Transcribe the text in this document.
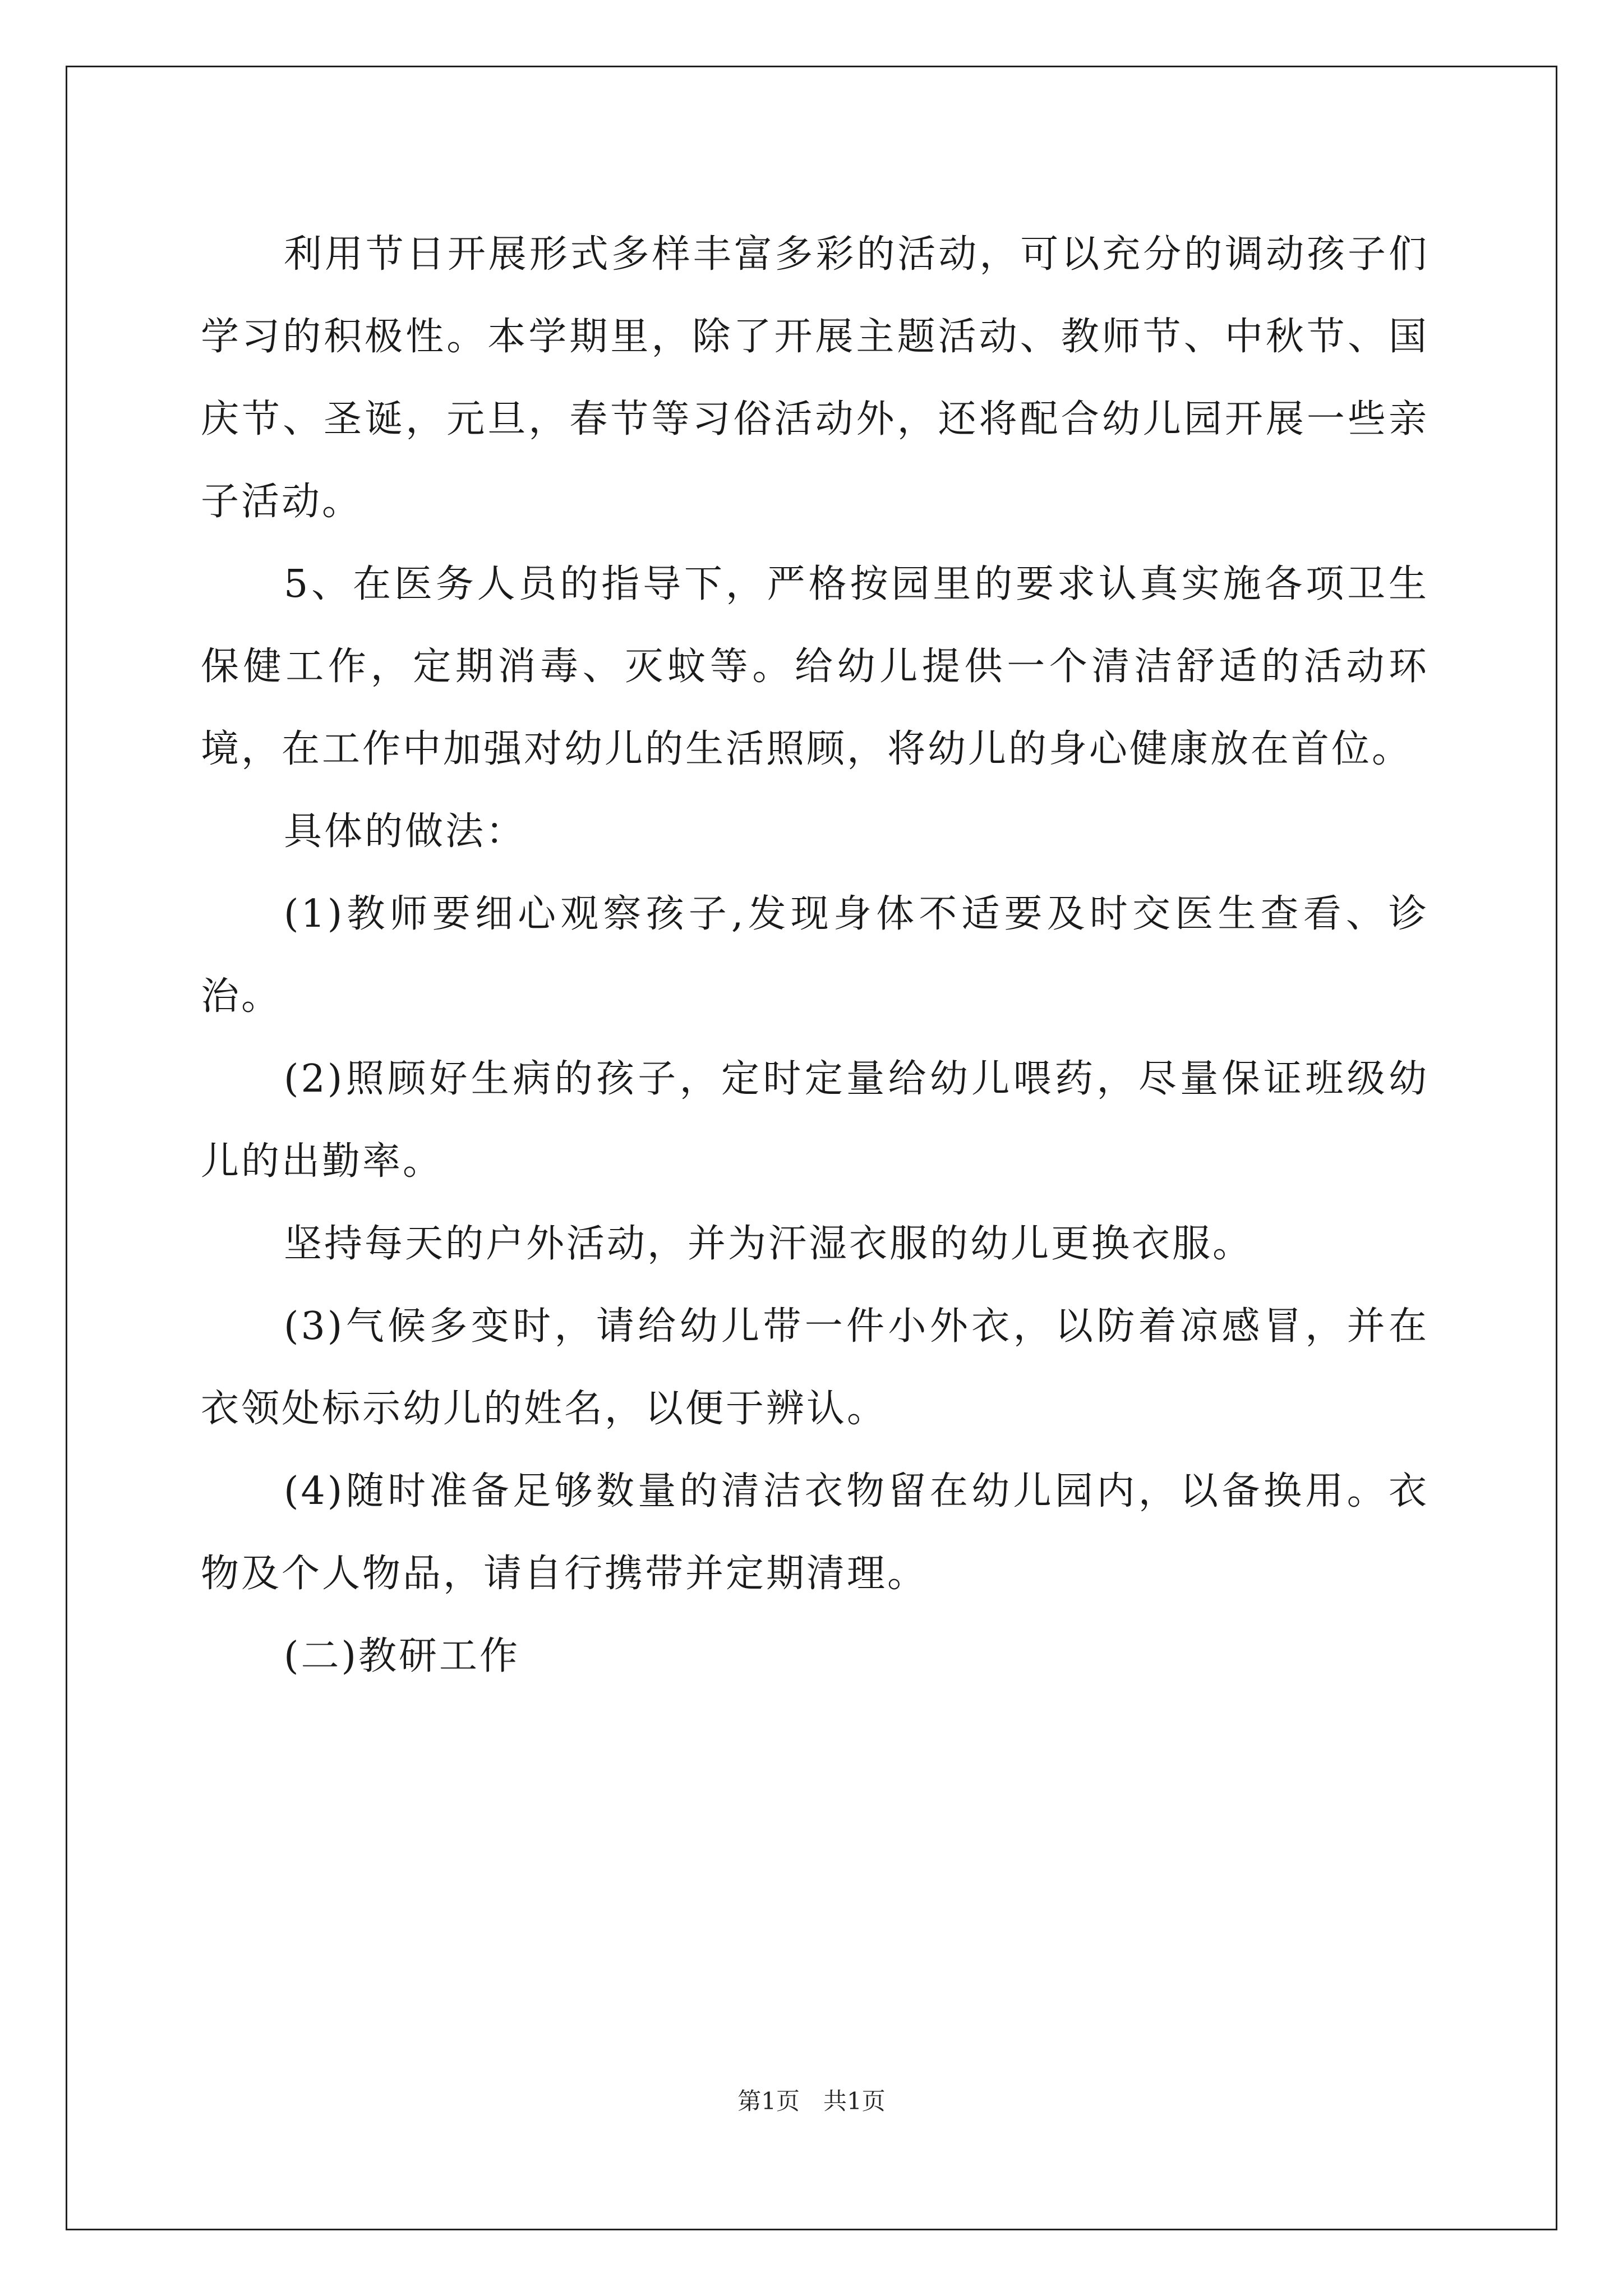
利用节日开展形式多样丰富多彩的活动，可以充分的调动孩子们学习的积极性。本学期里，除了开展主题活动、教师节、中秋节、国庆节、圣诞，元旦，春节等习俗活动外，还将配合幼儿园开展一些亲子活动。

5、在医务人员的指导下，严格按园里的要求认真实施各项卫生保健工作，定期消毒、灭蚊等。给幼儿提供一个清洁舒适的活动环境，在工作中加强对幼儿的生活照顾，将幼儿的身心健康放在首位。

具体的做法：

(1)教师要细心观察孩子,发现身体不适要及时交医生查看、诊治。

(2)照顾好生病的孩子，定时定量给幼儿喂药，尽量保证班级幼儿的出勤率。

坚持每天的户外活动，并为汗湿衣服的幼儿更换衣服。

(3)气候多变时，请给幼儿带一件小外衣，以防着凉感冒，并在衣领处标示幼儿的姓名，以便于辨认。

(4)随时准备足够数量的清洁衣物留在幼儿园内，以备换用。衣物及个人物品，请自行携带并定期清理。

(二)教研工作

第1页　共1页
